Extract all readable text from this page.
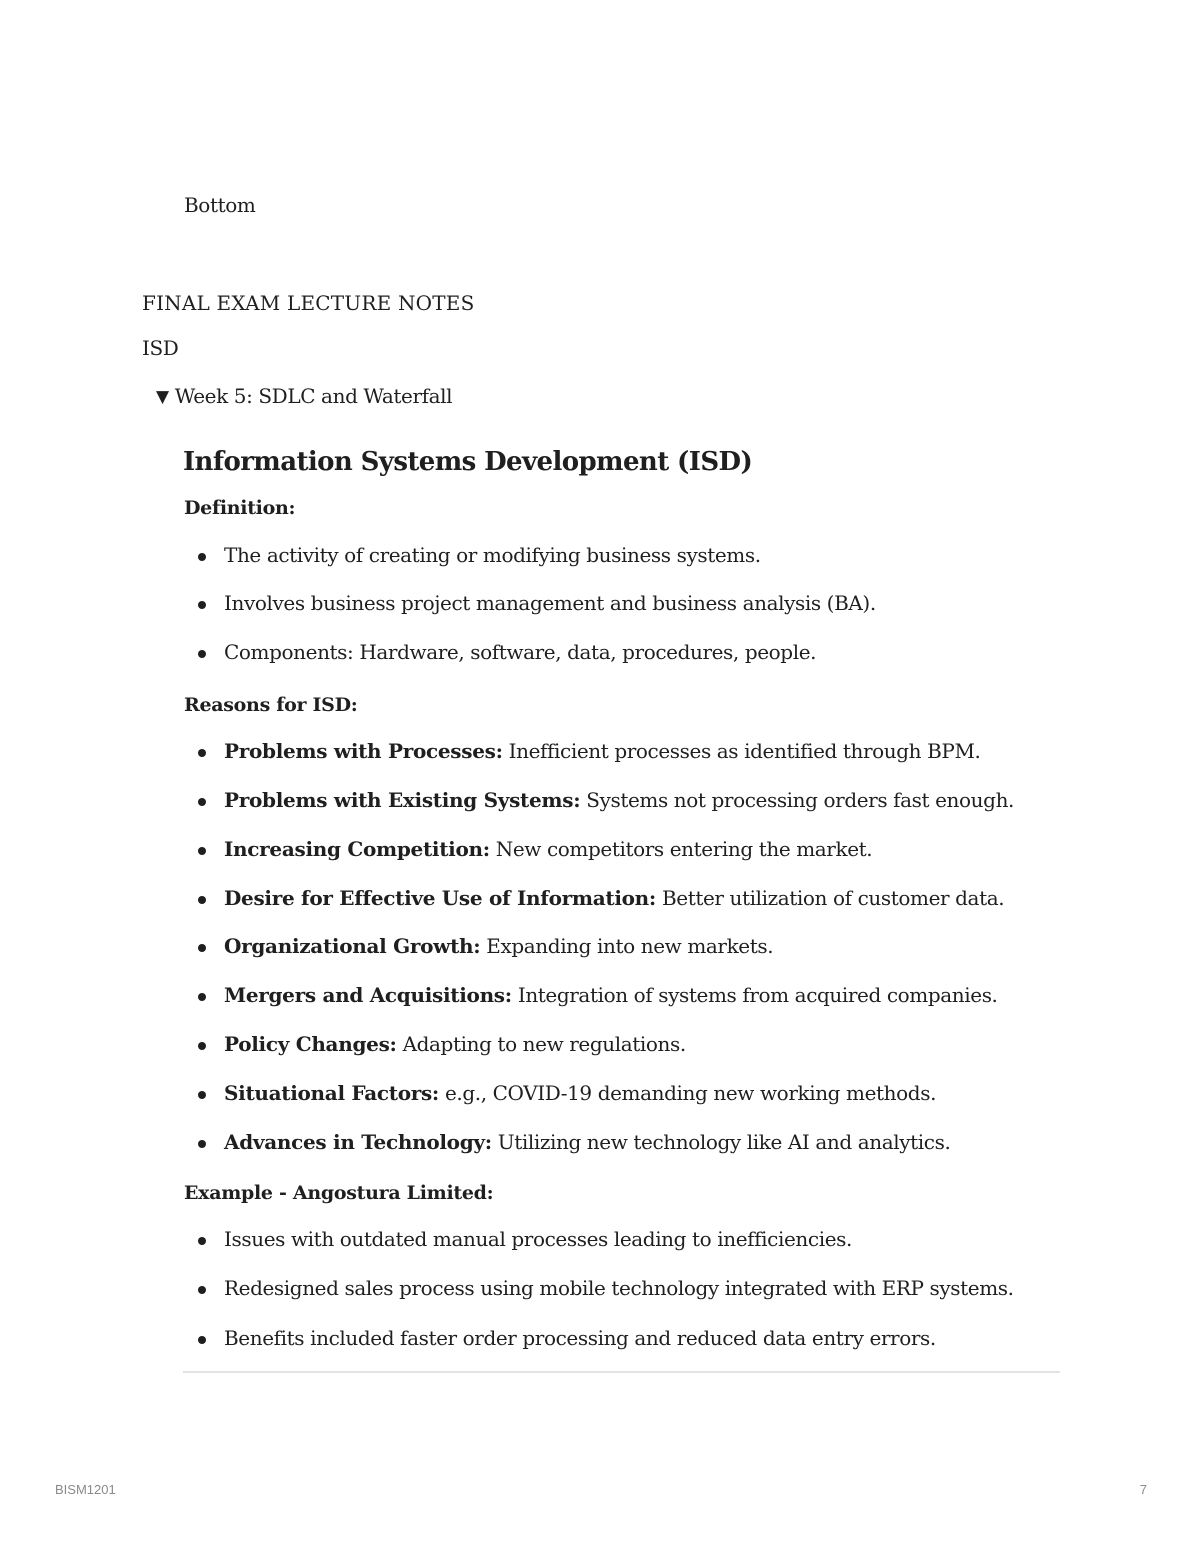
Bottom
FINAL EXAM LECTURE NOTES
ISD
▼ Week 5: SDLC and Waterfall
Information Systems Development (ISD)
Definition:
The activity of creating or modifying business systems.
Involves business project management and business analysis (BA).
Components: Hardware, software, data, procedures, people.
Reasons for ISD:
Problems with Processes: Inefficient processes as identified through BPM.
Problems with Existing Systems: Systems not processing orders fast enough.
Increasing Competition: New competitors entering the market.
Desire for Effective Use of Information: Better utilization of customer data.
Organizational Growth: Expanding into new markets.
Mergers and Acquisitions: Integration of systems from acquired companies.
Policy Changes: Adapting to new regulations.
Situational Factors: e.g., COVID-19 demanding new working methods.
Advances in Technology: Utilizing new technology like AI and analytics.
Example - Angostura Limited:
Issues with outdated manual processes leading to inefficiencies.
Redesigned sales process using mobile technology integrated with ERP systems.
Benefits included faster order processing and reduced data entry errors.
BISM1201	7
